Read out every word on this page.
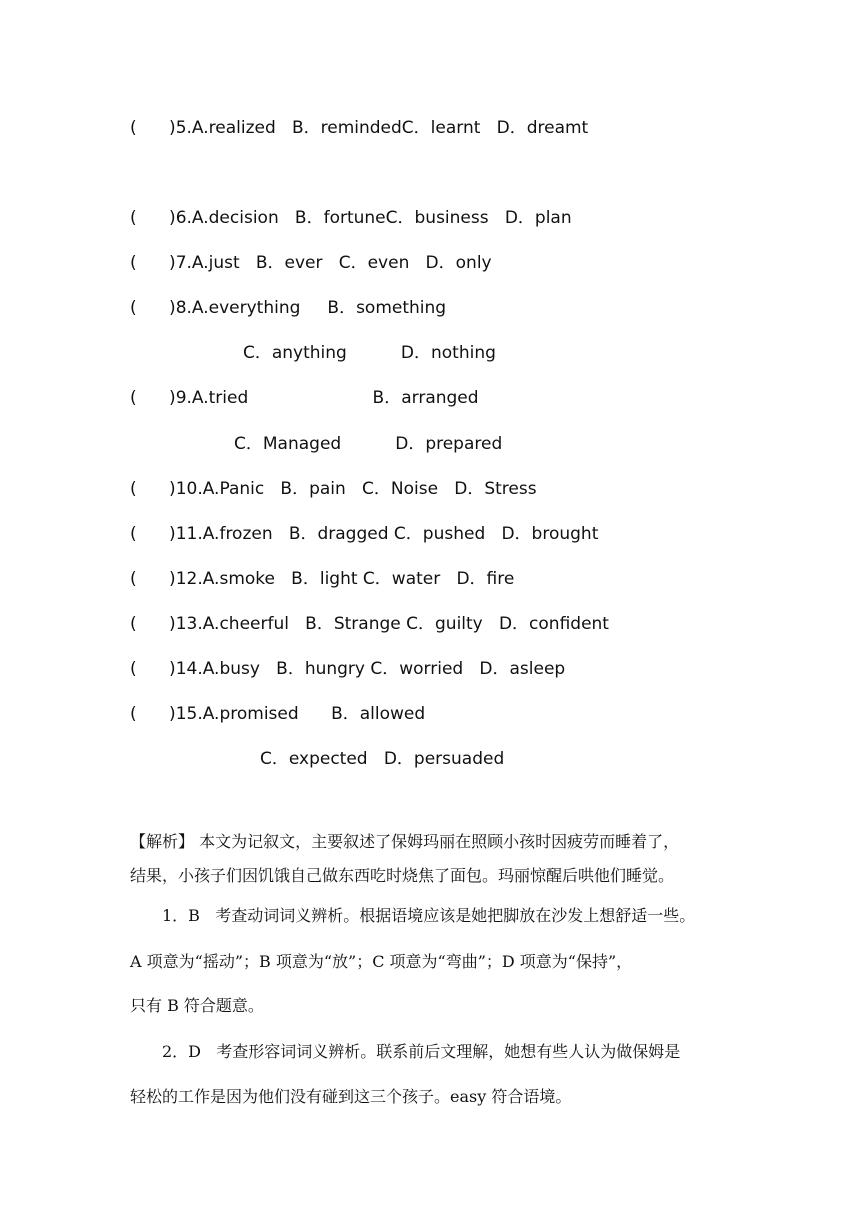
(      )5.A.realized   B．remindedC．learnt   D．dreamt
(      )6.A.decision   B．fortuneC．business   D．plan
(      )7.A.just   B．ever   C．even   D．only
(      )8.A.everything     B．something
C．anything          D．nothing
(      )9.A.tried                       B．arranged
C．Managed          D．prepared
(      )10.A.Panic   B．pain   C．Noise   D．Stress
(      )11.A.frozen   B．dragged C．pushed   D．brought
(      )12.A.smoke   B．light C．water   D．fire
(      )13.A.cheerful   B．Strange C．guilty   D．confident
(      )14.A.busy   B．hungry C．worried   D．asleep
(      )15.A.promised      B．allowed
C．expected   D．persuaded
【解析】 本文为记叙文，主要叙述了保姆玛丽在照顾小孩时因疲劳而睡着了，
结果，小孩子们因饥饿自己做东西吃时烧焦了面包。玛丽惊醒后哄他们睡觉。
1．B   考查动词词义辨析。根据语境应该是她把脚放在沙发上想舒适一些。
A 项意为“摇动”；B 项意为“放”；C 项意为“弯曲”；D 项意为“保持”，
只有 B 符合题意。
2．D   考查形容词词义辨析。联系前后文理解，她想有些人认为做保姆是
轻松的工作是因为他们没有碰到这三个孩子。easy 符合语境。
